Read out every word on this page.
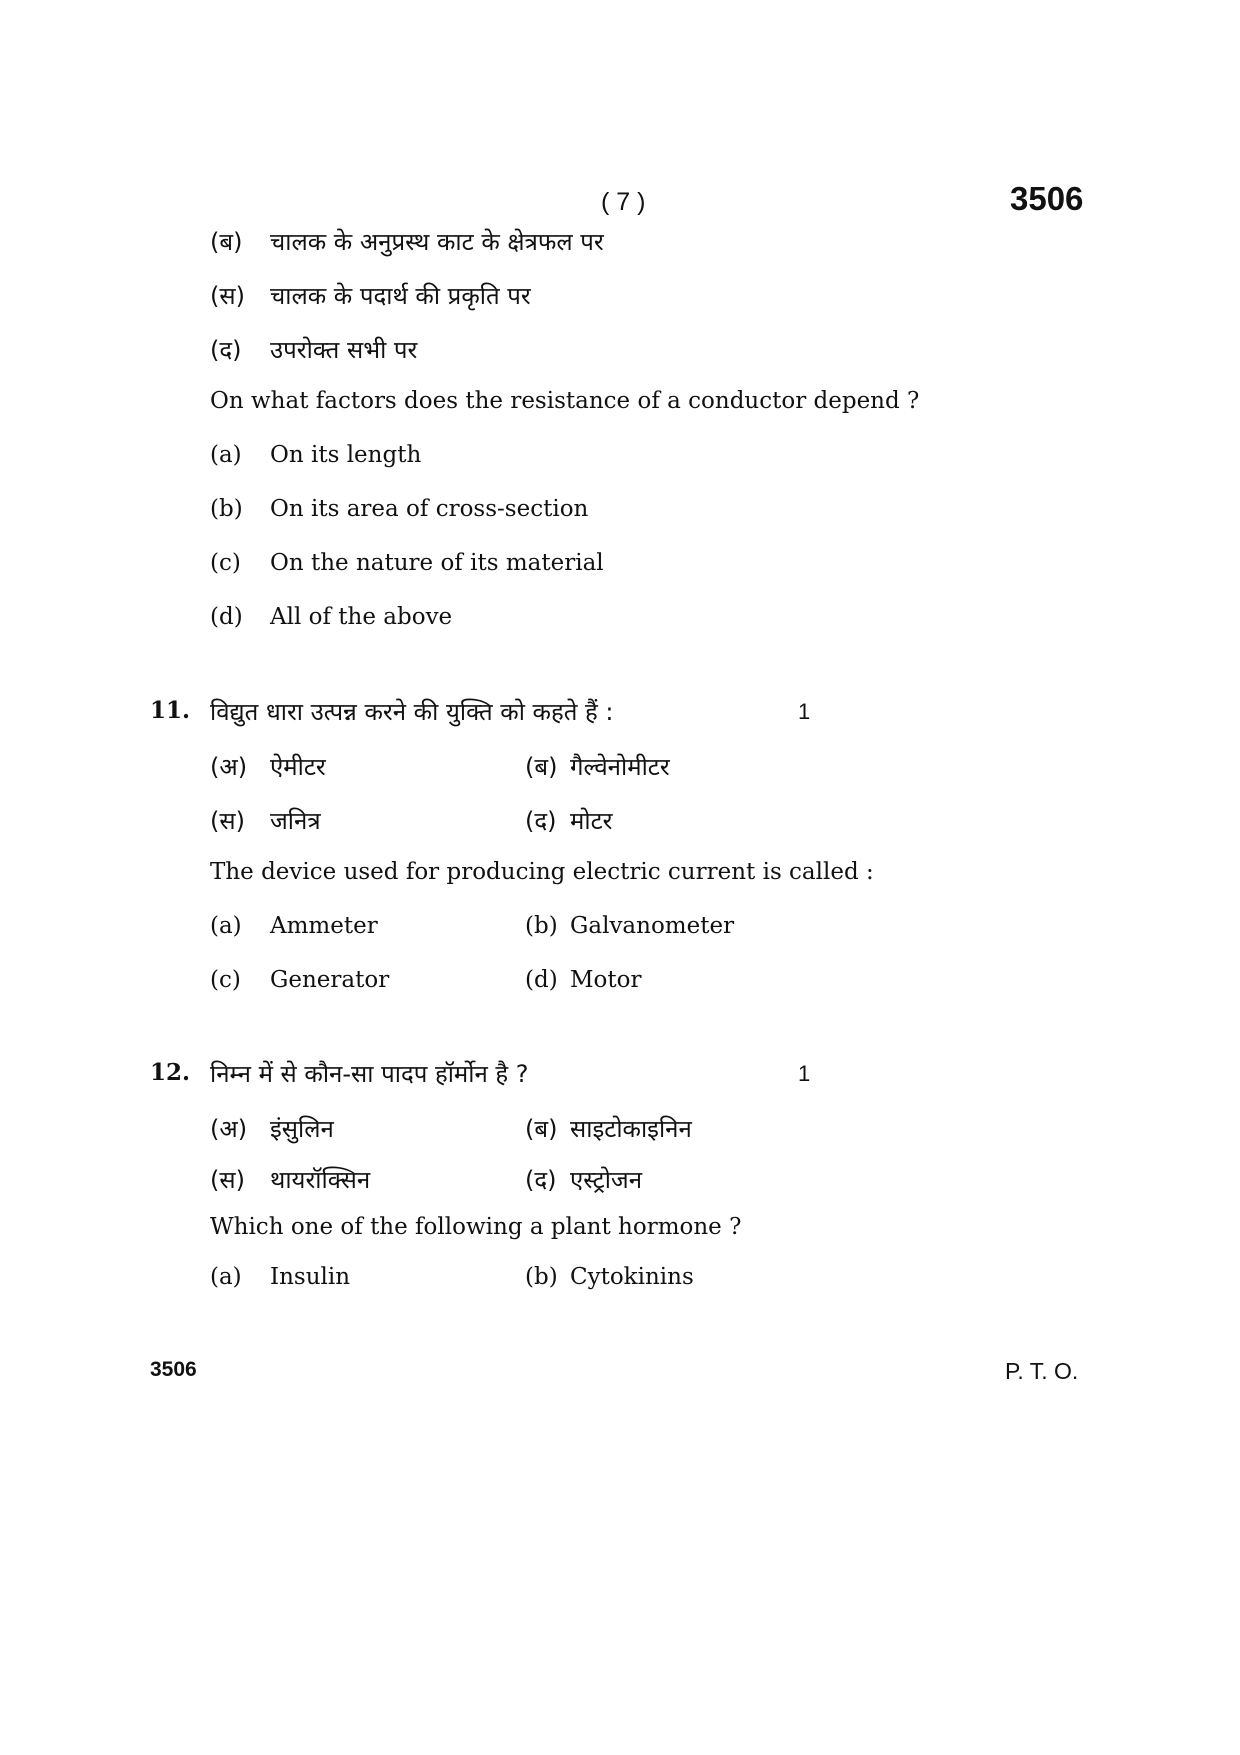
( 7 )	3506
(ब) चालक के अनुप्रस्थ काट के क्षेत्रफल पर
(स) चालक के पदार्थ की प्रकृति पर
(द) उपरोक्त सभी पर
On what factors does the resistance of a conductor depend ?
(a) On its length
(b) On its area of cross-section
(c) On the nature of its material
(d) All of the above
11. विद्युत धारा उत्पन्न करने की युक्ति को कहते हैं :	1
(अ) ऐमीटर	(ब) गैल्वेनोमीटर
(स) जनित्र	(द) मोटर
The device used for producing electric current is called :
(a) Ammeter	(b) Galvanometer
(c) Generator	(d) Motor
12. निम्न में से कौन-सा पादप हॉर्मोन है ?	1
(अ) इंसुलिन	(ब) साइटोकाइनिन
(स) थायरॉक्सिन	(द) एस्ट्रोजन
Which one of the following a plant hormone ?
(a) Insulin	(b) Cytokinins
3506	P. T. O.
